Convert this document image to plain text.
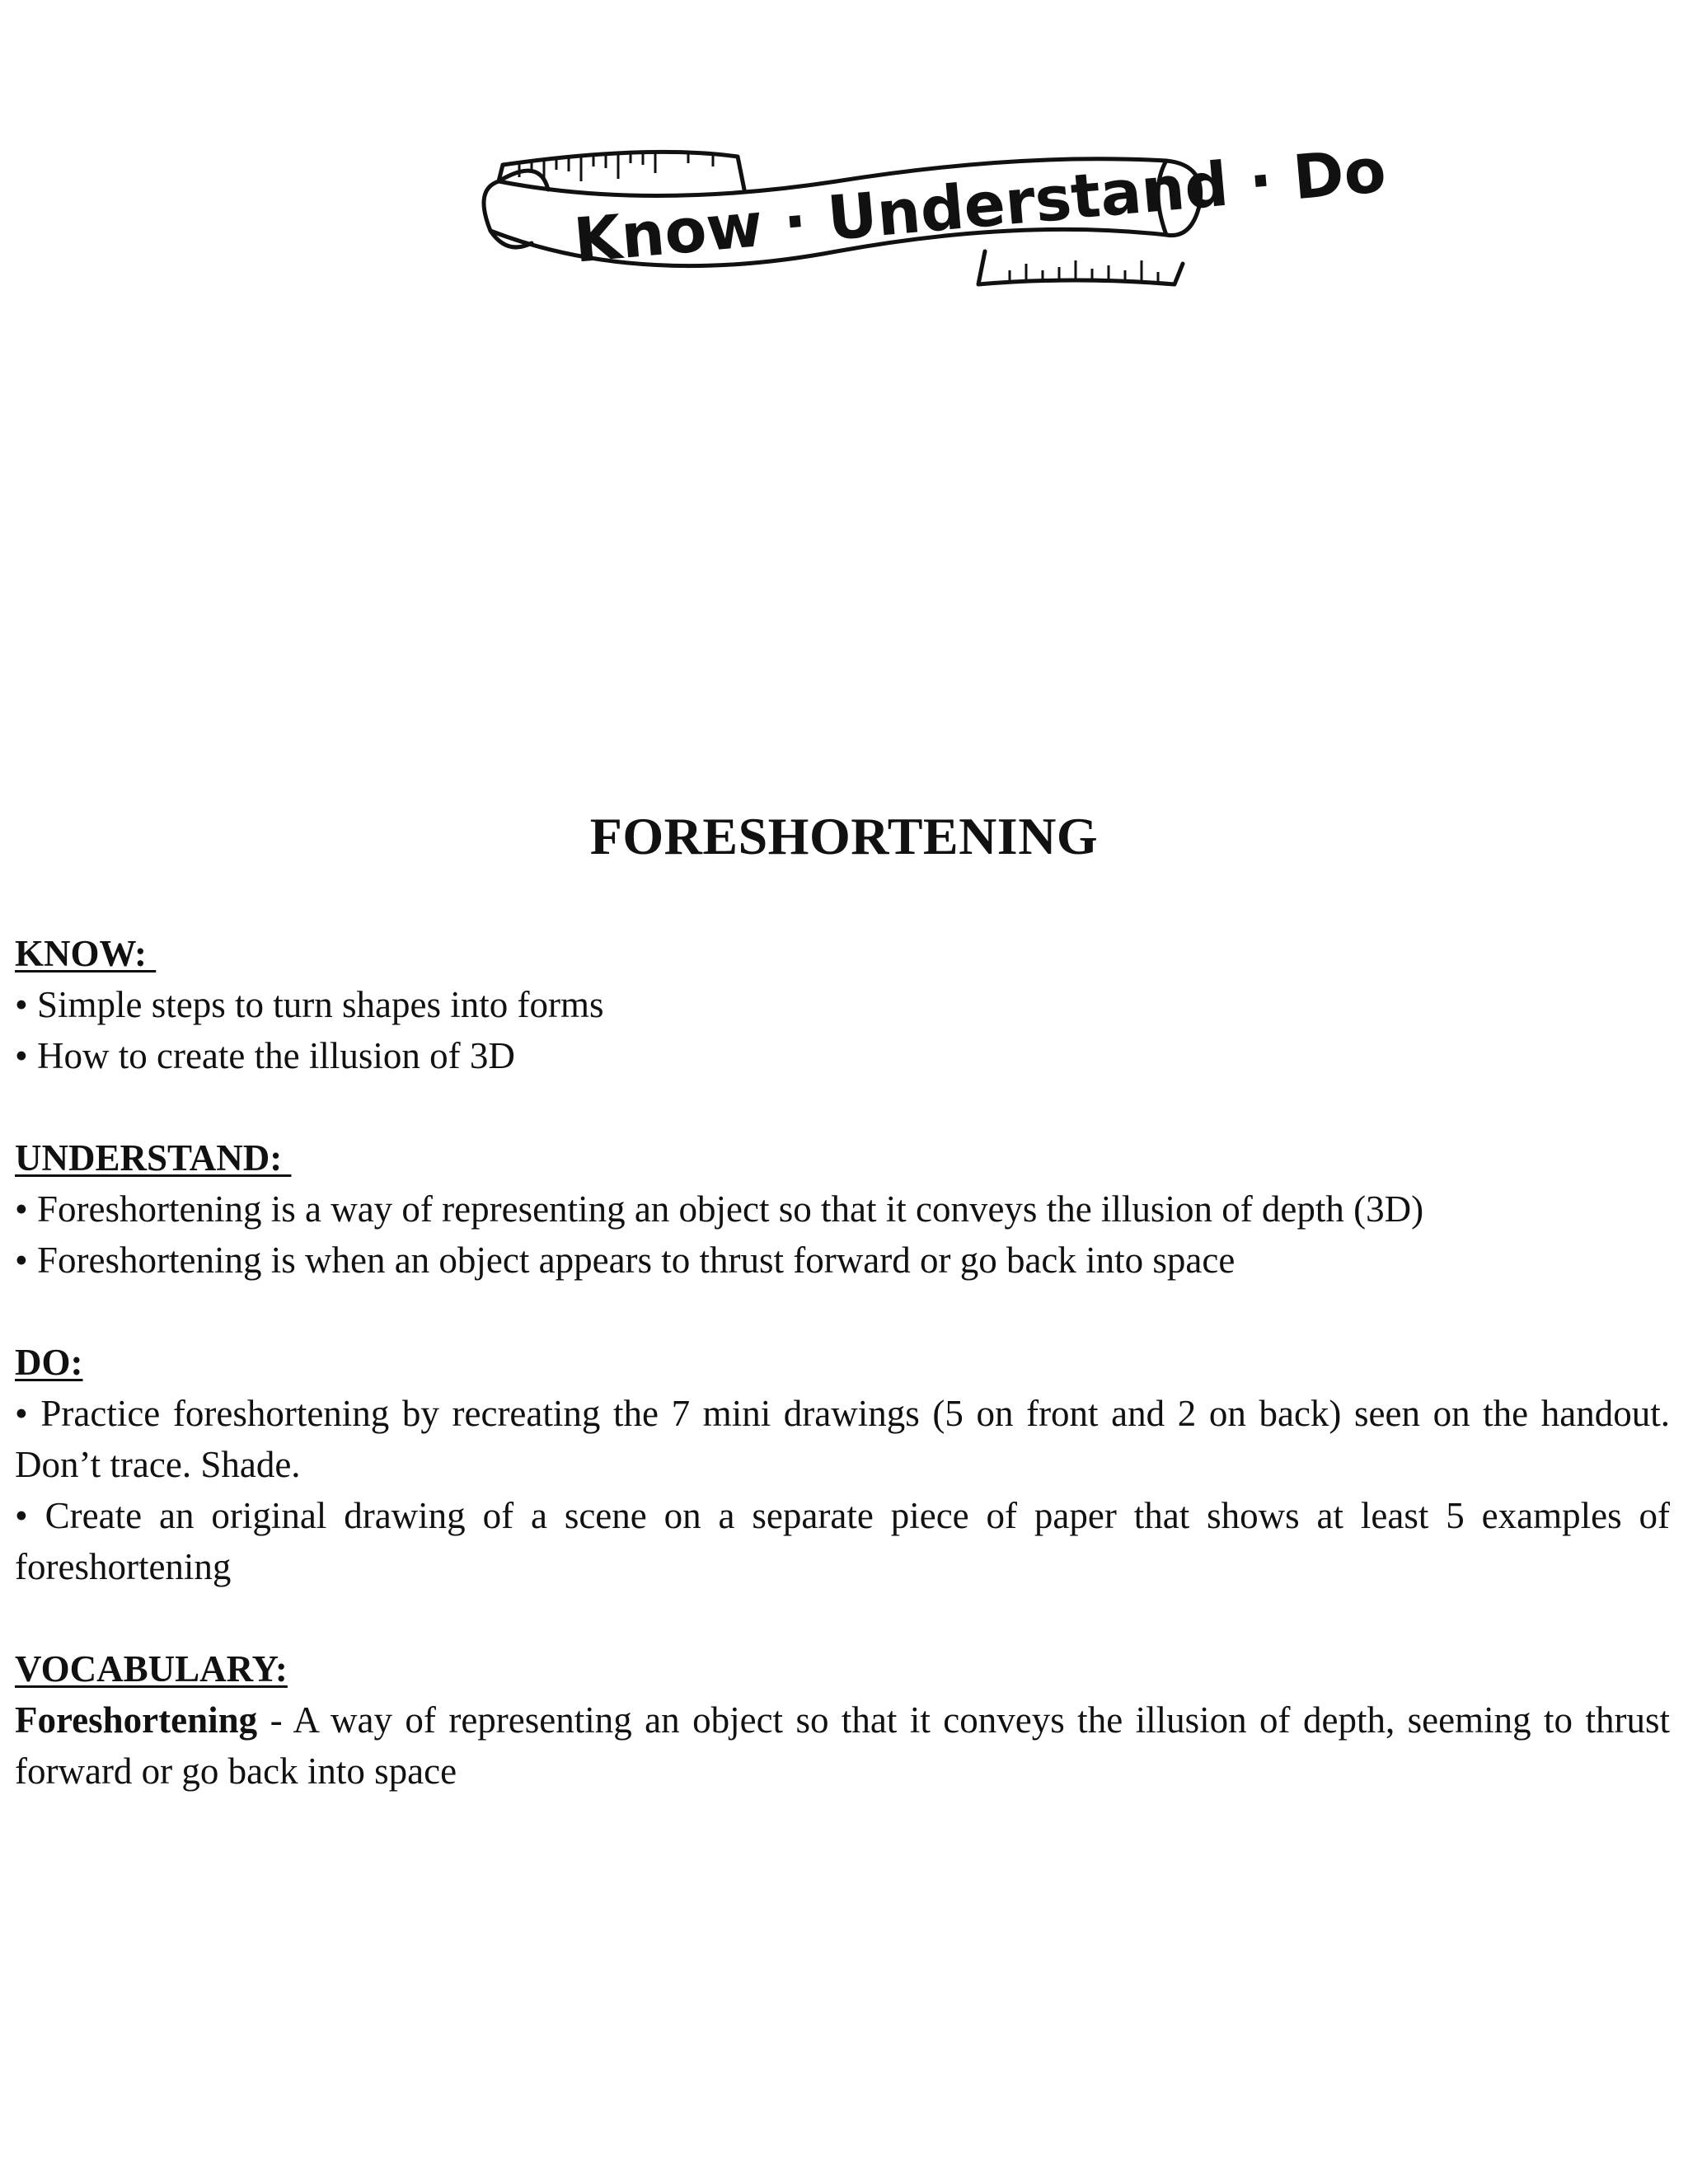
Know · Understand · Do
FORESHORTENING
KNOW:

• Simple steps to turn shapes into forms

• How to create the illusion of 3D

UNDERSTAND:

• Foreshortening is a way of representing an object so that it conveys the illusion of depth (3D)

• Foreshortening is when an object appears to thrust forward or go back into space

DO:

• Practice foreshortening by recreating the 7 mini drawings (5 on front and 2 on back) seen on the handout. Don’t trace. Shade.

• Create an original drawing of a scene on a separate piece of paper that shows at least 5 examples of foreshortening

VOCABULARY:

Foreshortening - A way of representing an object so that it conveys the illusion of depth, seeming to thrust forward or go back into space
